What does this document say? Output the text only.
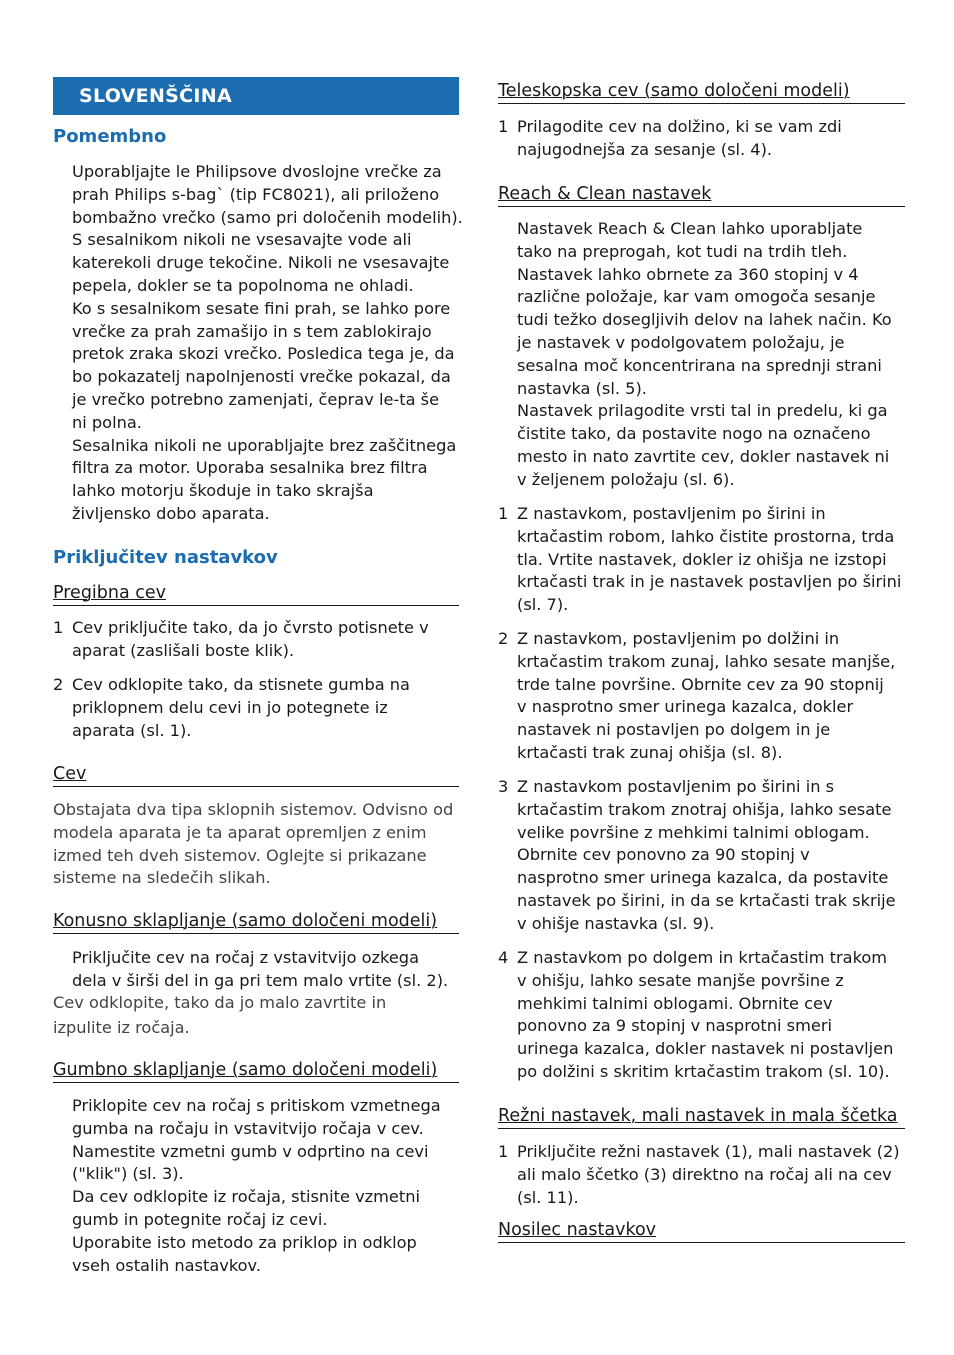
SLOVENŠČINA
Pomembno
Uporabljajte le Philipsove dvoslojne vrečke za
prah Philips s-bag` (tip FC8021), ali priloženo
bombažno vrečko (samo pri določenih modelih).
S sesalnikom nikoli ne vsesavajte vode ali
katerekoli druge tekočine. Nikoli ne vsesavajte
pepela, dokler se ta popolnoma ne ohladi.
Ko s sesalnikom sesate fini prah, se lahko pore
vrečke za prah zamašijo in s tem zablokirajo
pretok zraka skozi vrečko. Posledica tega je, da
bo pokazatelj napolnjenosti vrečke pokazal, da
je vrečko potrebno zamenjati, čeprav le-ta še
ni polna.
Sesalnika nikoli ne uporabljajte brez zaščitnega
filtra za motor. Uporaba sesalnika brez filtra
lahko motorju škoduje in tako skrajša
življensko dobo aparata.
Priključitev nastavkov
Pregibna cev
1 Cev priključite tako, da jo čvrsto potisnete v
aparat (zaslišali boste klik).
2 Cev odklopite tako, da stisnete gumba na
priklopnem delu cevi in jo potegnete iz
aparata (sl. 1).
Cev
Obstajata dva tipa sklopnih sistemov. Odvisno od
modela aparata je ta aparat opremljen z enim
izmed teh dveh sistemov. Oglejte si prikazane
sisteme na sledečih slikah.
Konusno sklapljanje (samo določeni modeli)
Priključite cev na ročaj z vstavitvijo ozkega
dela v širši del in ga pri tem malo vrtite (sl. 2).
Cev odklopite, tako da jo malo zavrtite in
izpulite iz ročaja.
Gumbno sklapljanje (samo določeni modeli)
Priklopite cev na ročaj s pritiskom vzmetnega
gumba na ročaju in vstavitvijo ročaja v cev.
Namestite vzmetni gumb v odprtino na cevi
("klik") (sl. 3).
Da cev odklopite iz ročaja, stisnite vzmetni
gumb in potegnite ročaj iz cevi.
Uporabite isto metodo za priklop in odklop
vseh ostalih nastavkov.
Teleskopska cev (samo določeni modeli)
1 Prilagodite cev na dolžino, ki se vam zdi
najugodnejša za sesanje (sl. 4).
Reach & Clean nastavek
Nastavek Reach & Clean lahko uporabljate
tako na preprogah, kot tudi na trdih tleh.
Nastavek lahko obrnete za 360 stopinj v 4
različne položaje, kar vam omogoča sesanje
tudi težko dosegljivih delov na lahek način. Ko
je nastavek v podolgovatem položaju, je
sesalna moč koncentrirana na sprednji strani
nastavka (sl. 5).
Nastavek prilagodite vrsti tal in predelu, ki ga
čistite tako, da postavite nogo na označeno
mesto in nato zavrtite cev, dokler nastavek ni
v željenem položaju (sl. 6).
1 Z nastavkom, postavljenim po širini in
krtačastim robom, lahko čistite prostorna, trda
tla. Vrtite nastavek, dokler iz ohišja ne izstopi
krtačasti trak in je nastavek postavljen po širini
(sl. 7).
2 Z nastavkom, postavljenim po dolžini in
krtačastim trakom zunaj, lahko sesate manjše,
trde talne površine. Obrnite cev za 90 stopnij
v nasprotno smer urinega kazalca, dokler
nastavek ni postavljen po dolgem in je
krtačasti trak zunaj ohišja (sl. 8).
3 Z nastavkom postavljenim po širini in s
krtačastim trakom znotraj ohišja, lahko sesate
velike površine z mehkimi talnimi oblogam.
Obrnite cev ponovno za 90 stopinj v
nasprotno smer urinega kazalca, da postavite
nastavek po širini, in da se krtačasti trak skrije
v ohišje nastavka (sl. 9).
4 Z nastavkom po dolgem in krtačastim trakom
v ohišju, lahko sesate manjše površine z
mehkimi talnimi oblogami. Obrnite cev
ponovno za 9 stopinj v nasprotni smeri
urinega kazalca, dokler nastavek ni postavljen
po dolžini s skritim krtačastim trakom (sl. 10).
Režni nastavek, mali nastavek in mala ščetka
1 Priključite režni nastavek (1), mali nastavek (2)
ali malo ščetko (3) direktno na ročaj ali na cev
(sl. 11).
Nosilec nastavkov
